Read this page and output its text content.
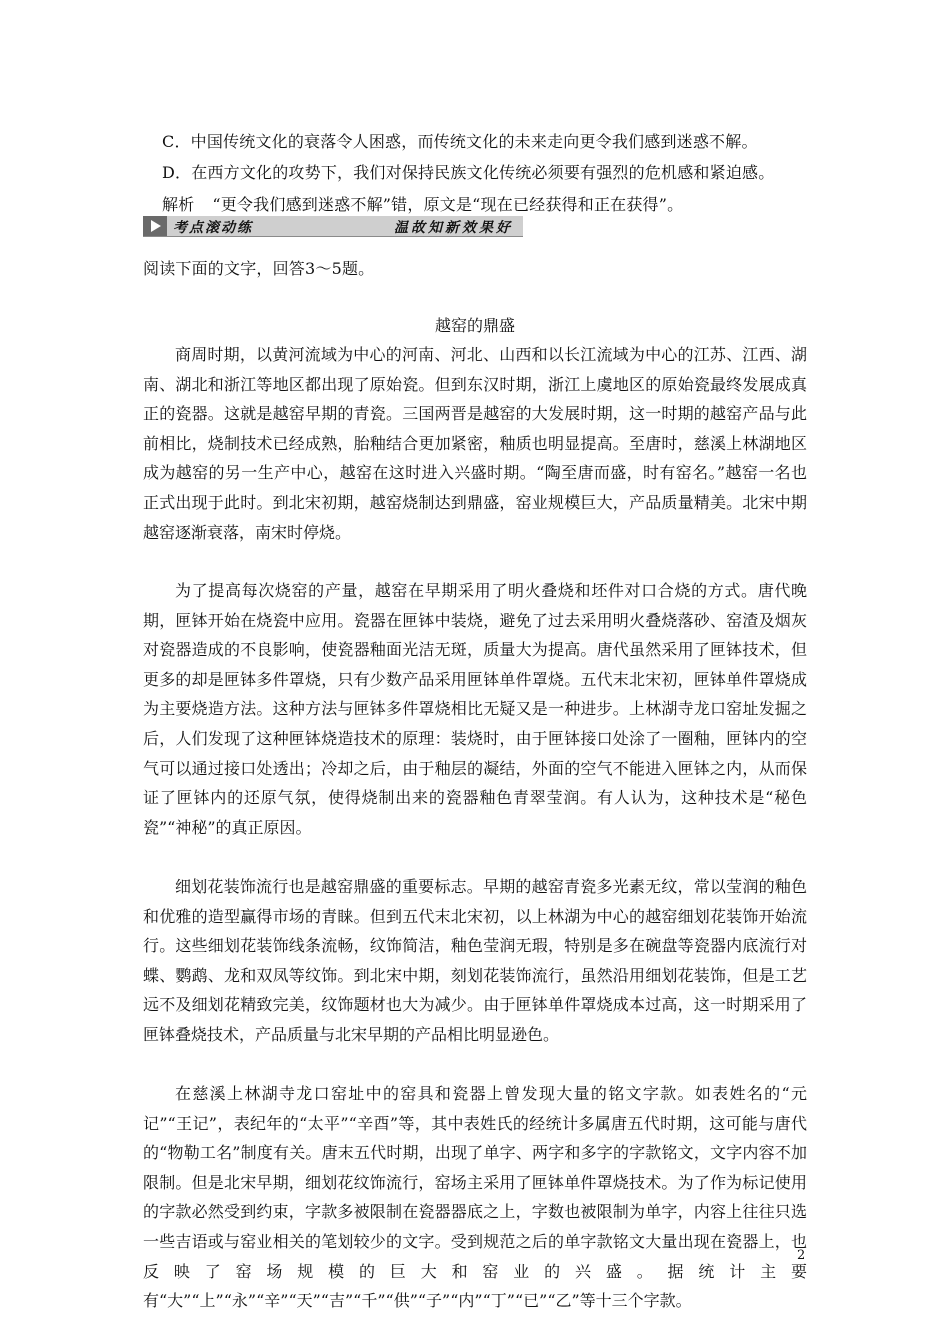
C．中国传统文化的衰落令人困惑，而传统文化的未来走向更令我们感到迷惑不解。
D．在西方文化的攻势下，我们对保持民族文化传统必须要有强烈的危机感和紧迫感。
解析 “更令我们感到迷惑不解”错，原文是“现在已经获得和正在获得”。
考点滚动练	温故知新效果好
阅读下面的文字，回答3～5题。
越窑的鼎盛

商周时期，以黄河流域为中心的河南、河北、山西和以长江流域为中心的江苏、江西、湖南、湖北和浙江等地区都出现了原始瓷。但到东汉时期，浙江上虞地区的原始瓷最终发展成真正的瓷器。这就是越窑早期的青瓷。三国两晋是越窑的大发展时期，这一时期的越窑产品与此前相比，烧制技术已经成熟，胎釉结合更加紧密，釉质也明显提高。至唐时，慈溪上林湖地区成为越窑的另一生产中心，越窑在这时进入兴盛时期。“陶至唐而盛，时有窑名。”越窑一名也正式出现于此时。到北宋初期，越窑烧制达到鼎盛，窑业规模巨大，产品质量精美。北宋中期越窑逐渐衰落，南宋时停烧。

为了提高每次烧窑的产量，越窑在早期采用了明火叠烧和坯件对口合烧的方式。唐代晚期，匣钵开始在烧瓷中应用。瓷器在匣钵中装烧，避免了过去采用明火叠烧落砂、窑渣及烟灰对瓷器造成的不良影响，使瓷器釉面光洁无斑，质量大为提高。唐代虽然采用了匣钵技术，但更多的却是匣钵多件罩烧，只有少数产品采用匣钵单件罩烧。五代末北宋初，匣钵单件罩烧成为主要烧造方法。这种方法与匣钵多件罩烧相比无疑又是一种进步。上林湖寺龙口窑址发掘之后，人们发现了这种匣钵烧造技术的原理：装烧时，由于匣钵接口处涂了一圈釉，匣钵内的空气可以通过接口处透出；冷却之后，由于釉层的凝结，外面的空气不能进入匣钵之内，从而保证了匣钵内的还原气氛，使得烧制出来的瓷器釉色青翠莹润。有人认为，这种技术是“秘色瓷”“神秘”的真正原因。

细划花装饰流行也是越窑鼎盛的重要标志。早期的越窑青瓷多光素无纹，常以莹润的釉色和优雅的造型赢得市场的青睐。但到五代末北宋初，以上林湖为中心的越窑细划花装饰开始流行。这些细划花装饰线条流畅，纹饰简洁，釉色莹润无瑕，特别是多在碗盘等瓷器内底流行对蝶、鹦鹉、龙和双凤等纹饰。到北宋中期，刻划花装饰流行，虽然沿用细划花装饰，但是工艺远不及细划花精致完美，纹饰题材也大为减少。由于匣钵单件罩烧成本过高，这一时期采用了匣钵叠烧技术，产品质量与北宋早期的产品相比明显逊色。

在慈溪上林湖寺龙口窑址中的窑具和瓷器上曾发现大量的铭文字款。如表姓名的“元记”“王记”，表纪年的“太平”“辛酉”等，其中表姓氏的经统计多属唐五代时期，这可能与唐代的“物勒工名”制度有关。唐末五代时期，出现了单字、两字和多字的字款铭文，文字内容不加限制。但是北宋早期，细划花纹饰流行，窑场主采用了匣钵单件罩烧技术。为了作为标记使用的字款必然受到约束，字款多被限制在瓷器器底之上，字数也被限制为单字，内容上往往只选一些吉语或与窑业相关的笔划较少的文字。受到规范之后的单字款铭文大量出现在瓷器上，也反映了窑场规模的巨大和窑业的兴盛。据统计主要有“大”“上”“永”“辛”“天”“吉”“千”“供”“子”“内”“丁”“已”“乙”等十三个字款。

2
